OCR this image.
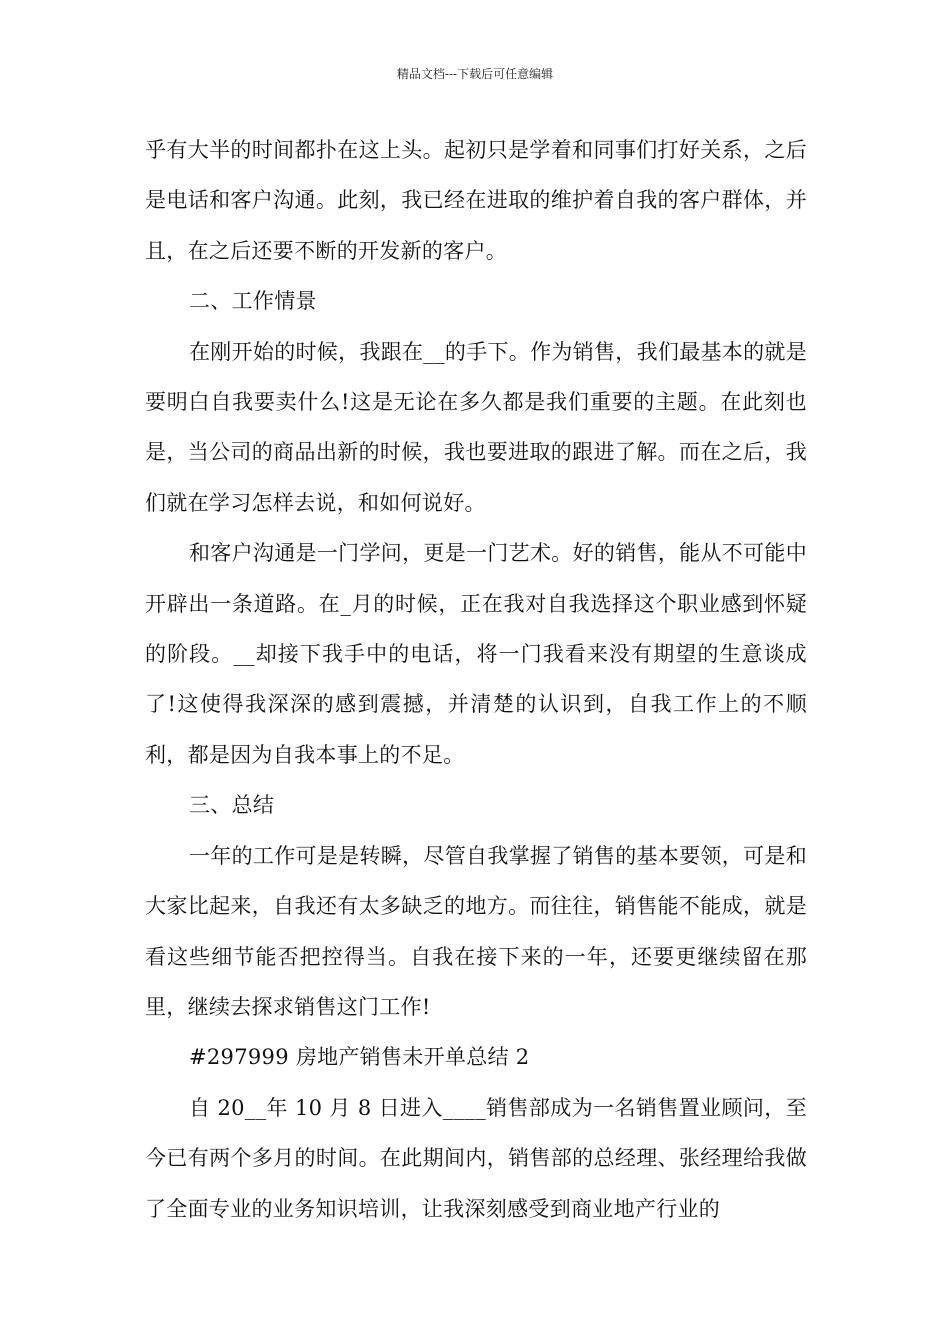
精品文档---下载后可任意编辑

乎有大半的时间都扑在这上头。起初只是学着和同事们打好关系，之后是电话和客户沟通。此刻，我已经在进取的维护着自我的客户群体，并且，在之后还要不断的开发新的客户。

二、工作情景

在刚开始的时候，我跟在__的手下。作为销售，我们最基本的就是要明白自我要卖什么!这是无论在多久都是我们重要的主题。在此刻也是，当公司的商品出新的时候，我也要进取的跟进了解。而在之后，我们就在学习怎样去说，和如何说好。

和客户沟通是一门学问，更是一门艺术。好的销售，能从不可能中开辟出一条道路。在_月的时候，正在我对自我选择这个职业感到怀疑的阶段。__却接下我手中的电话，将一门我看来没有期望的生意谈成了!这使得我深深的感到震撼，并清楚的认识到，自我工作上的不顺利，都是因为自我本事上的不足。

三、总结

一年的工作可是是转瞬，尽管自我掌握了销售的基本要领，可是和大家比起来，自我还有太多缺乏的地方。而往往，销售能不能成，就是看这些细节能否把控得当。自我在接下来的一年，还要更继续留在那里，继续去探求销售这门工作!

#297999 房地产销售未开单总结 2

自 20__年 10 月 8 日进入____销售部成为一名销售置业顾问，至今已有两个多月的时间。在此期间内，销售部的总经理、张经理给我做了全面专业的业务知识培训，让我深刻感受到商业地产行业的
